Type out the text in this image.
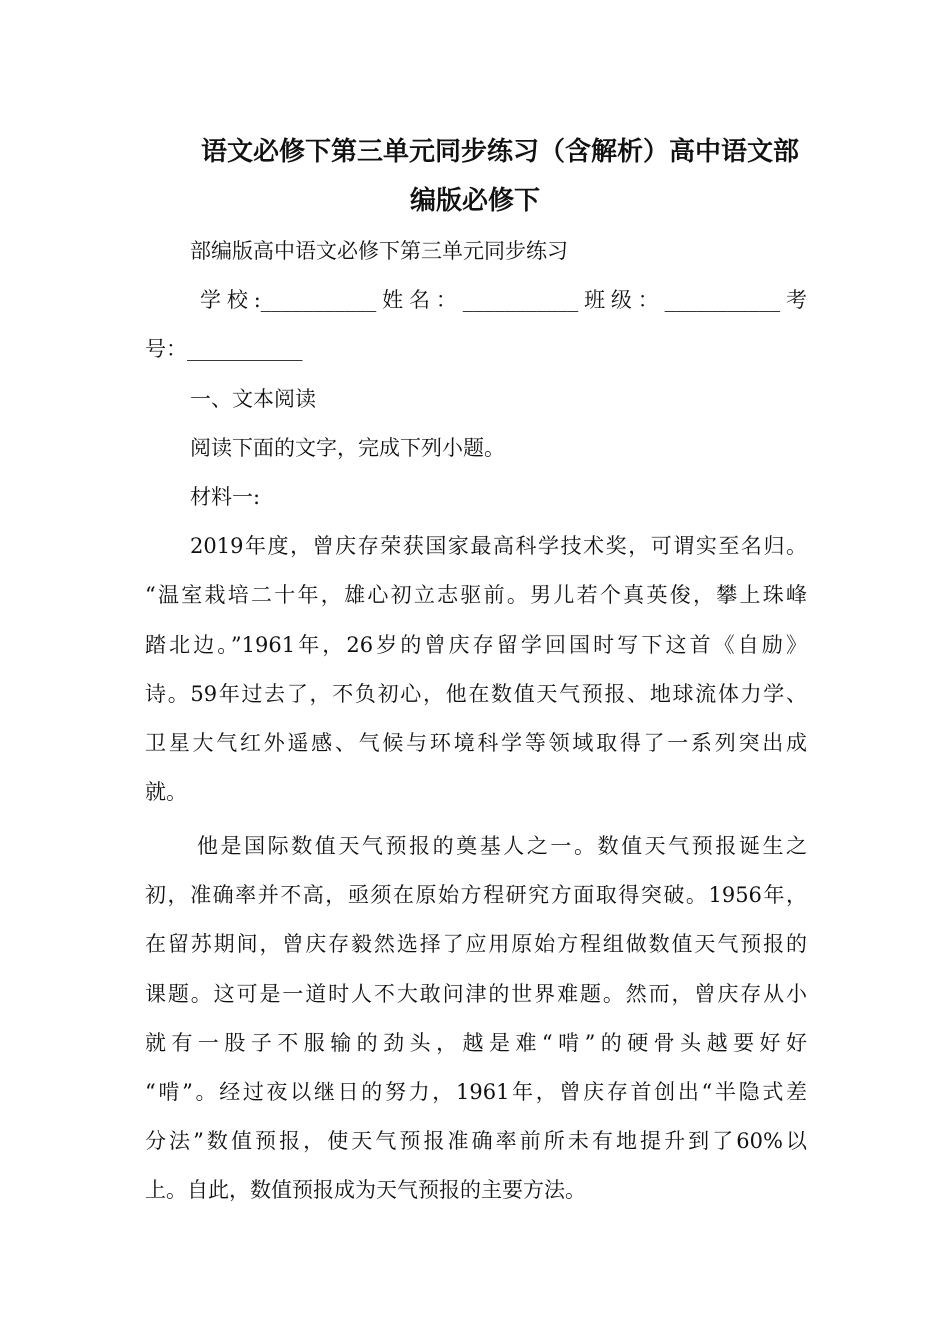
语文必修下第三单元同步练习（含解析）高中语文部
编版必修下
部编版高中语文必修下第三单元同步练习
学校:___________姓名：___________班级：___________考
号：___________
一、文本阅读
阅读下面的文字，完成下列小题。
材料一:
2019年度，曾庆存荣获国家最高科学技术奖，可谓实至名归。
“温室栽培二十年，雄心初立志驱前。男儿若个真英俊，攀上珠峰
踏北边。”1961年，26岁的曾庆存留学回国时写下这首《自励》
诗。59年过去了，不负初心，他在数值天气预报、地球流体力学、
卫星大气红外遥感、气候与环境科学等领域取得了一系列突出成
就。
他是国际数值天气预报的奠基人之一。数值天气预报诞生之
初，准确率并不高，亟须在原始方程研究方面取得突破。1956年，
在留苏期间，曾庆存毅然选择了应用原始方程组做数值天气预报的
课题。这可是一道时人不大敢问津的世界难题。然而，曾庆存从小
就有一股子不服输的劲头，越是难“啃”的硬骨头越要好好
“啃”。经过夜以继日的努力，1961年，曾庆存首创出“半隐式差
分法”数值预报，使天气预报准确率前所未有地提升到了60%以
上。自此，数值预报成为天气预报的主要方法。
